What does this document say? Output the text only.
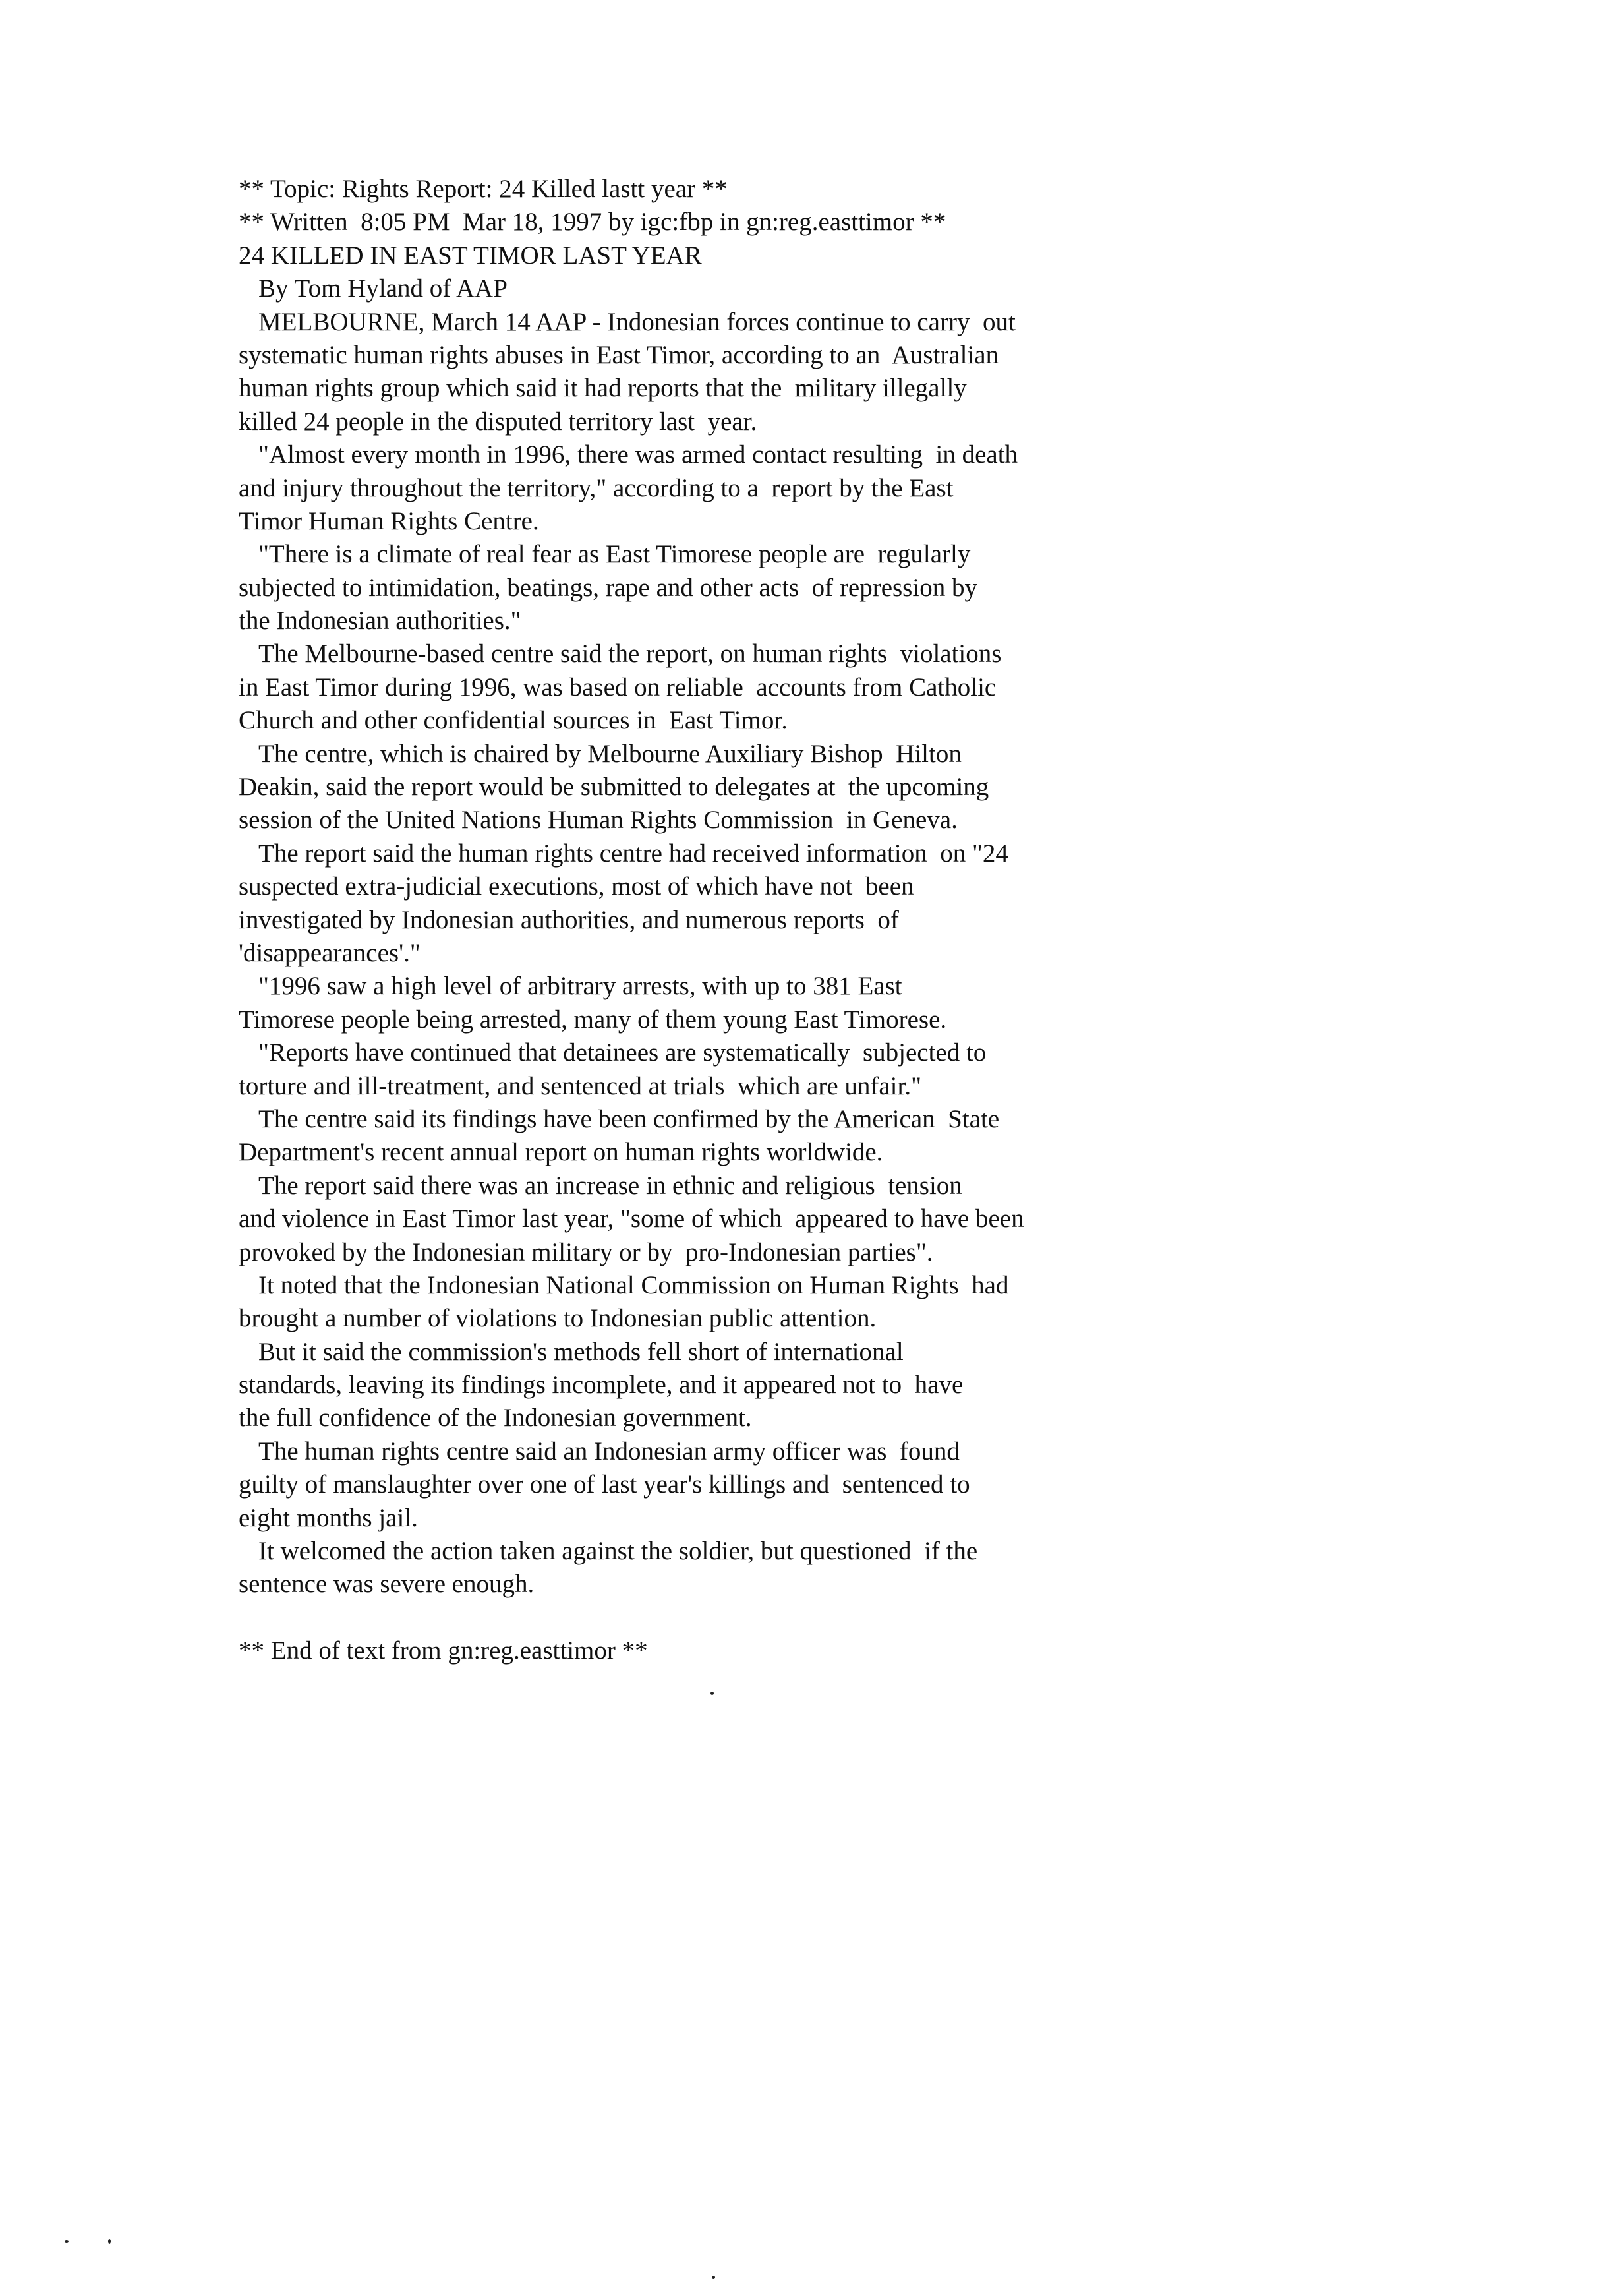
** Topic: Rights Report: 24 Killed lastt year **
** Written  8:05 PM  Mar 18, 1997 by igc:fbp in gn:reg.easttimor **
24 KILLED IN EAST TIMOR LAST YEAR
By Tom Hyland of AAP
MELBOURNE, March 14 AAP - Indonesian forces continue to carry  out
systematic human rights abuses in East Timor, according to an  Australian
human rights group which said it had reports that the  military illegally
killed 24 people in the disputed territory last  year.
"Almost every month in 1996, there was armed contact resulting  in death
and injury throughout the territory," according to a  report by the East
Timor Human Rights Centre.
"There is a climate of real fear as East Timorese people are  regularly
subjected to intimidation, beatings, rape and other acts  of repression by
the Indonesian authorities."
The Melbourne-based centre said the report, on human rights  violations
in East Timor during 1996, was based on reliable  accounts from Catholic
Church and other confidential sources in  East Timor.
The centre, which is chaired by Melbourne Auxiliary Bishop  Hilton
Deakin, said the report would be submitted to delegates at  the upcoming
session of the United Nations Human Rights Commission  in Geneva.
The report said the human rights centre had received information  on "24
suspected extra-judicial executions, most of which have not  been
investigated by Indonesian authorities, and numerous reports  of
'disappearances'."
"1996 saw a high level of arbitrary arrests, with up to 381 East
Timorese people being arrested, many of them young East Timorese.
"Reports have continued that detainees are systematically  subjected to
torture and ill-treatment, and sentenced at trials  which are unfair."
The centre said its findings have been confirmed by the American  State
Department's recent annual report on human rights worldwide.
The report said there was an increase in ethnic and religious  tension
and violence in East Timor last year, "some of which  appeared to have been
provoked by the Indonesian military or by  pro-Indonesian parties".
It noted that the Indonesian National Commission on Human Rights  had
brought a number of violations to Indonesian public attention.
But it said the commission's methods fell short of international
standards, leaving its findings incomplete, and it appeared not to  have
the full confidence of the Indonesian government.
The human rights centre said an Indonesian army officer was  found
guilty of manslaughter over one of last year's killings and  sentenced to
eight months jail.
It welcomed the action taken against the soldier, but questioned  if the
sentence was severe enough.
** End of text from gn:reg.easttimor **
